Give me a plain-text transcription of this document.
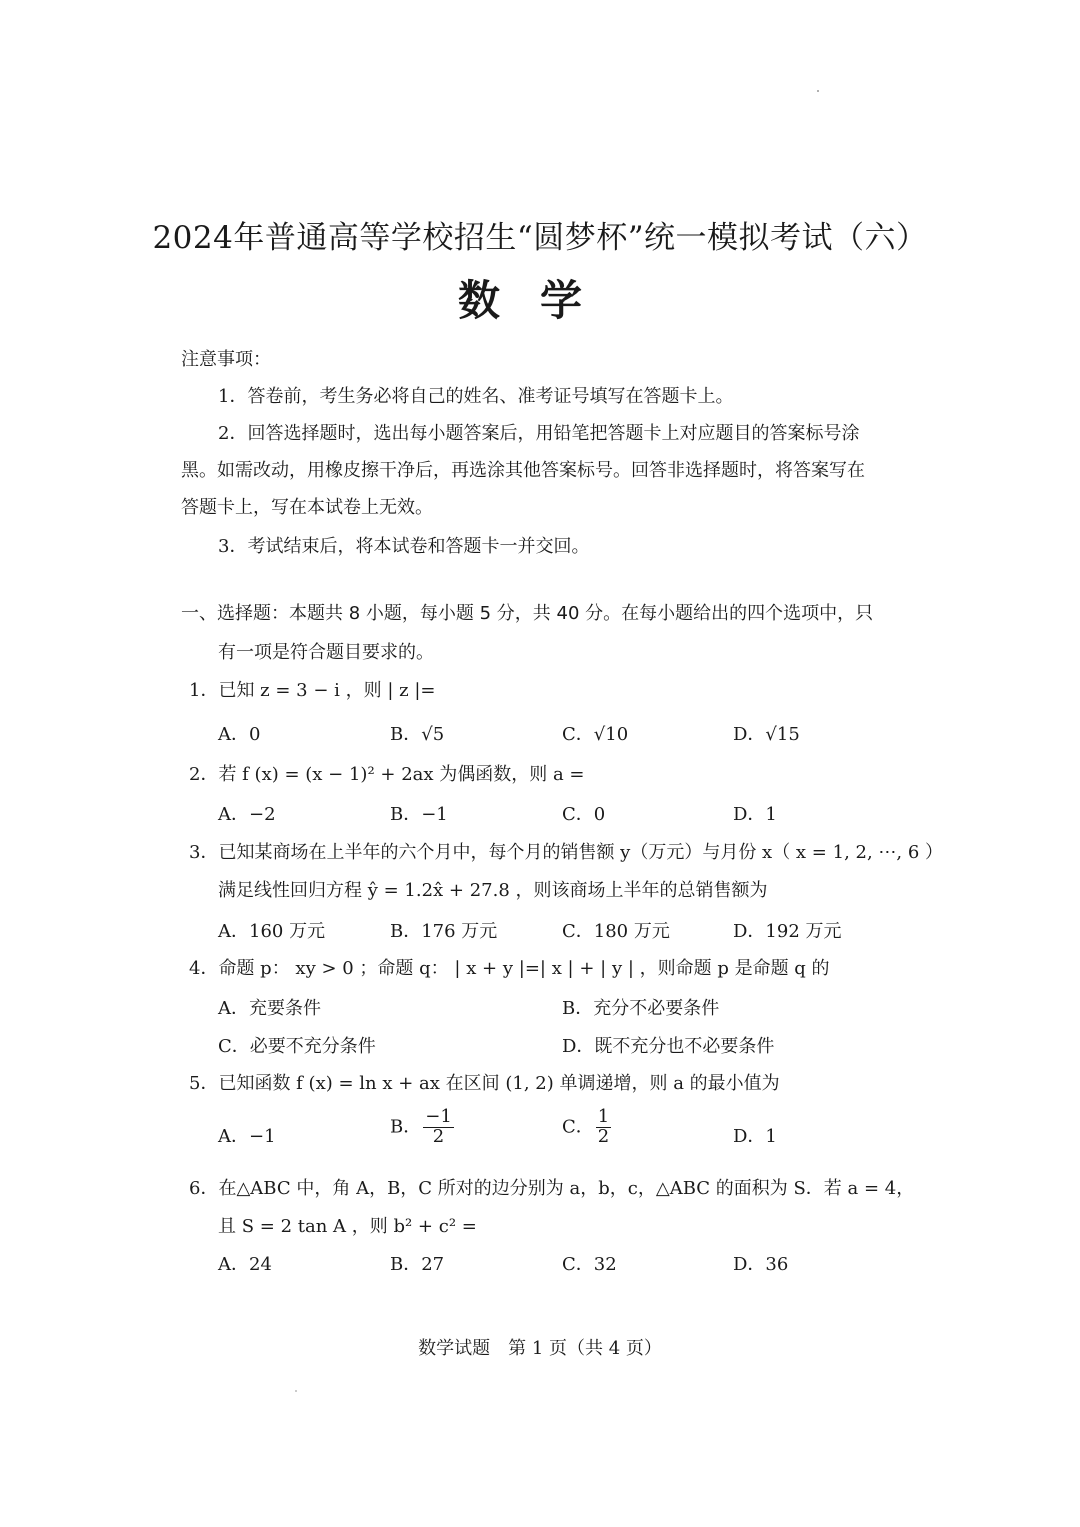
2024年普通高等学校招生“圆梦杯”统一模拟考试（六）
数学
注意事项：
1．答卷前，考生务必将自己的姓名、准考证号填写在答题卡上。
2．回答选择题时，选出每小题答案后，用铅笔把答题卡上对应题目的答案标号涂
黑。如需改动，用橡皮擦干净后，再选涂其他答案标号。回答非选择题时，将答案写在
答题卡上，写在本试卷上无效。
3．考试结束后，将本试卷和答题卡一并交回。
一、选择题：本题共 8 小题，每小题 5 分，共 40 分。在每小题给出的四个选项中，只
有一项是符合题目要求的。
1．已知 z = 3 − i ，则 | z |=
A．0	B．√5	C．√10	D．√15
2．若 f (x) = (x − 1)² + 2ax 为偶函数，则 a =
A．−2	B．−1	C．0	D．1
3．已知某商场在上半年的六个月中，每个月的销售额 y（万元）与月份 x（ x = 1, 2, ⋯, 6 ）
满足线性回归方程 ŷ = 1.2x̂ + 27.8 ，则该商场上半年的总销售额为
A．160 万元	B．176 万元	C．180 万元	D．192 万元
4．命题 p： xy > 0 ；命题 q： | x + y |=| x | + | y | ，则命题 p 是命题 q 的
A．充要条件	B．充分不必要条件
C．必要不充分条件	D．既不充分也不必要条件
5．已知函数 f (x) = ln x + ax 在区间 (1, 2) 单调递增，则 a 的最小值为
A．−1	B． $\frac{-1}{2}$	C． $\frac{1}{2}$	D．1
6．在△ABC 中，角 A，B，C 所对的边分别为 a，b，c，△ABC 的面积为 S．若 a = 4，
且 S = 2 tan A ，则 b² + c² =
A．24	B．27	C．32	D．36
数学试题　第 1 页（共 4 页）
